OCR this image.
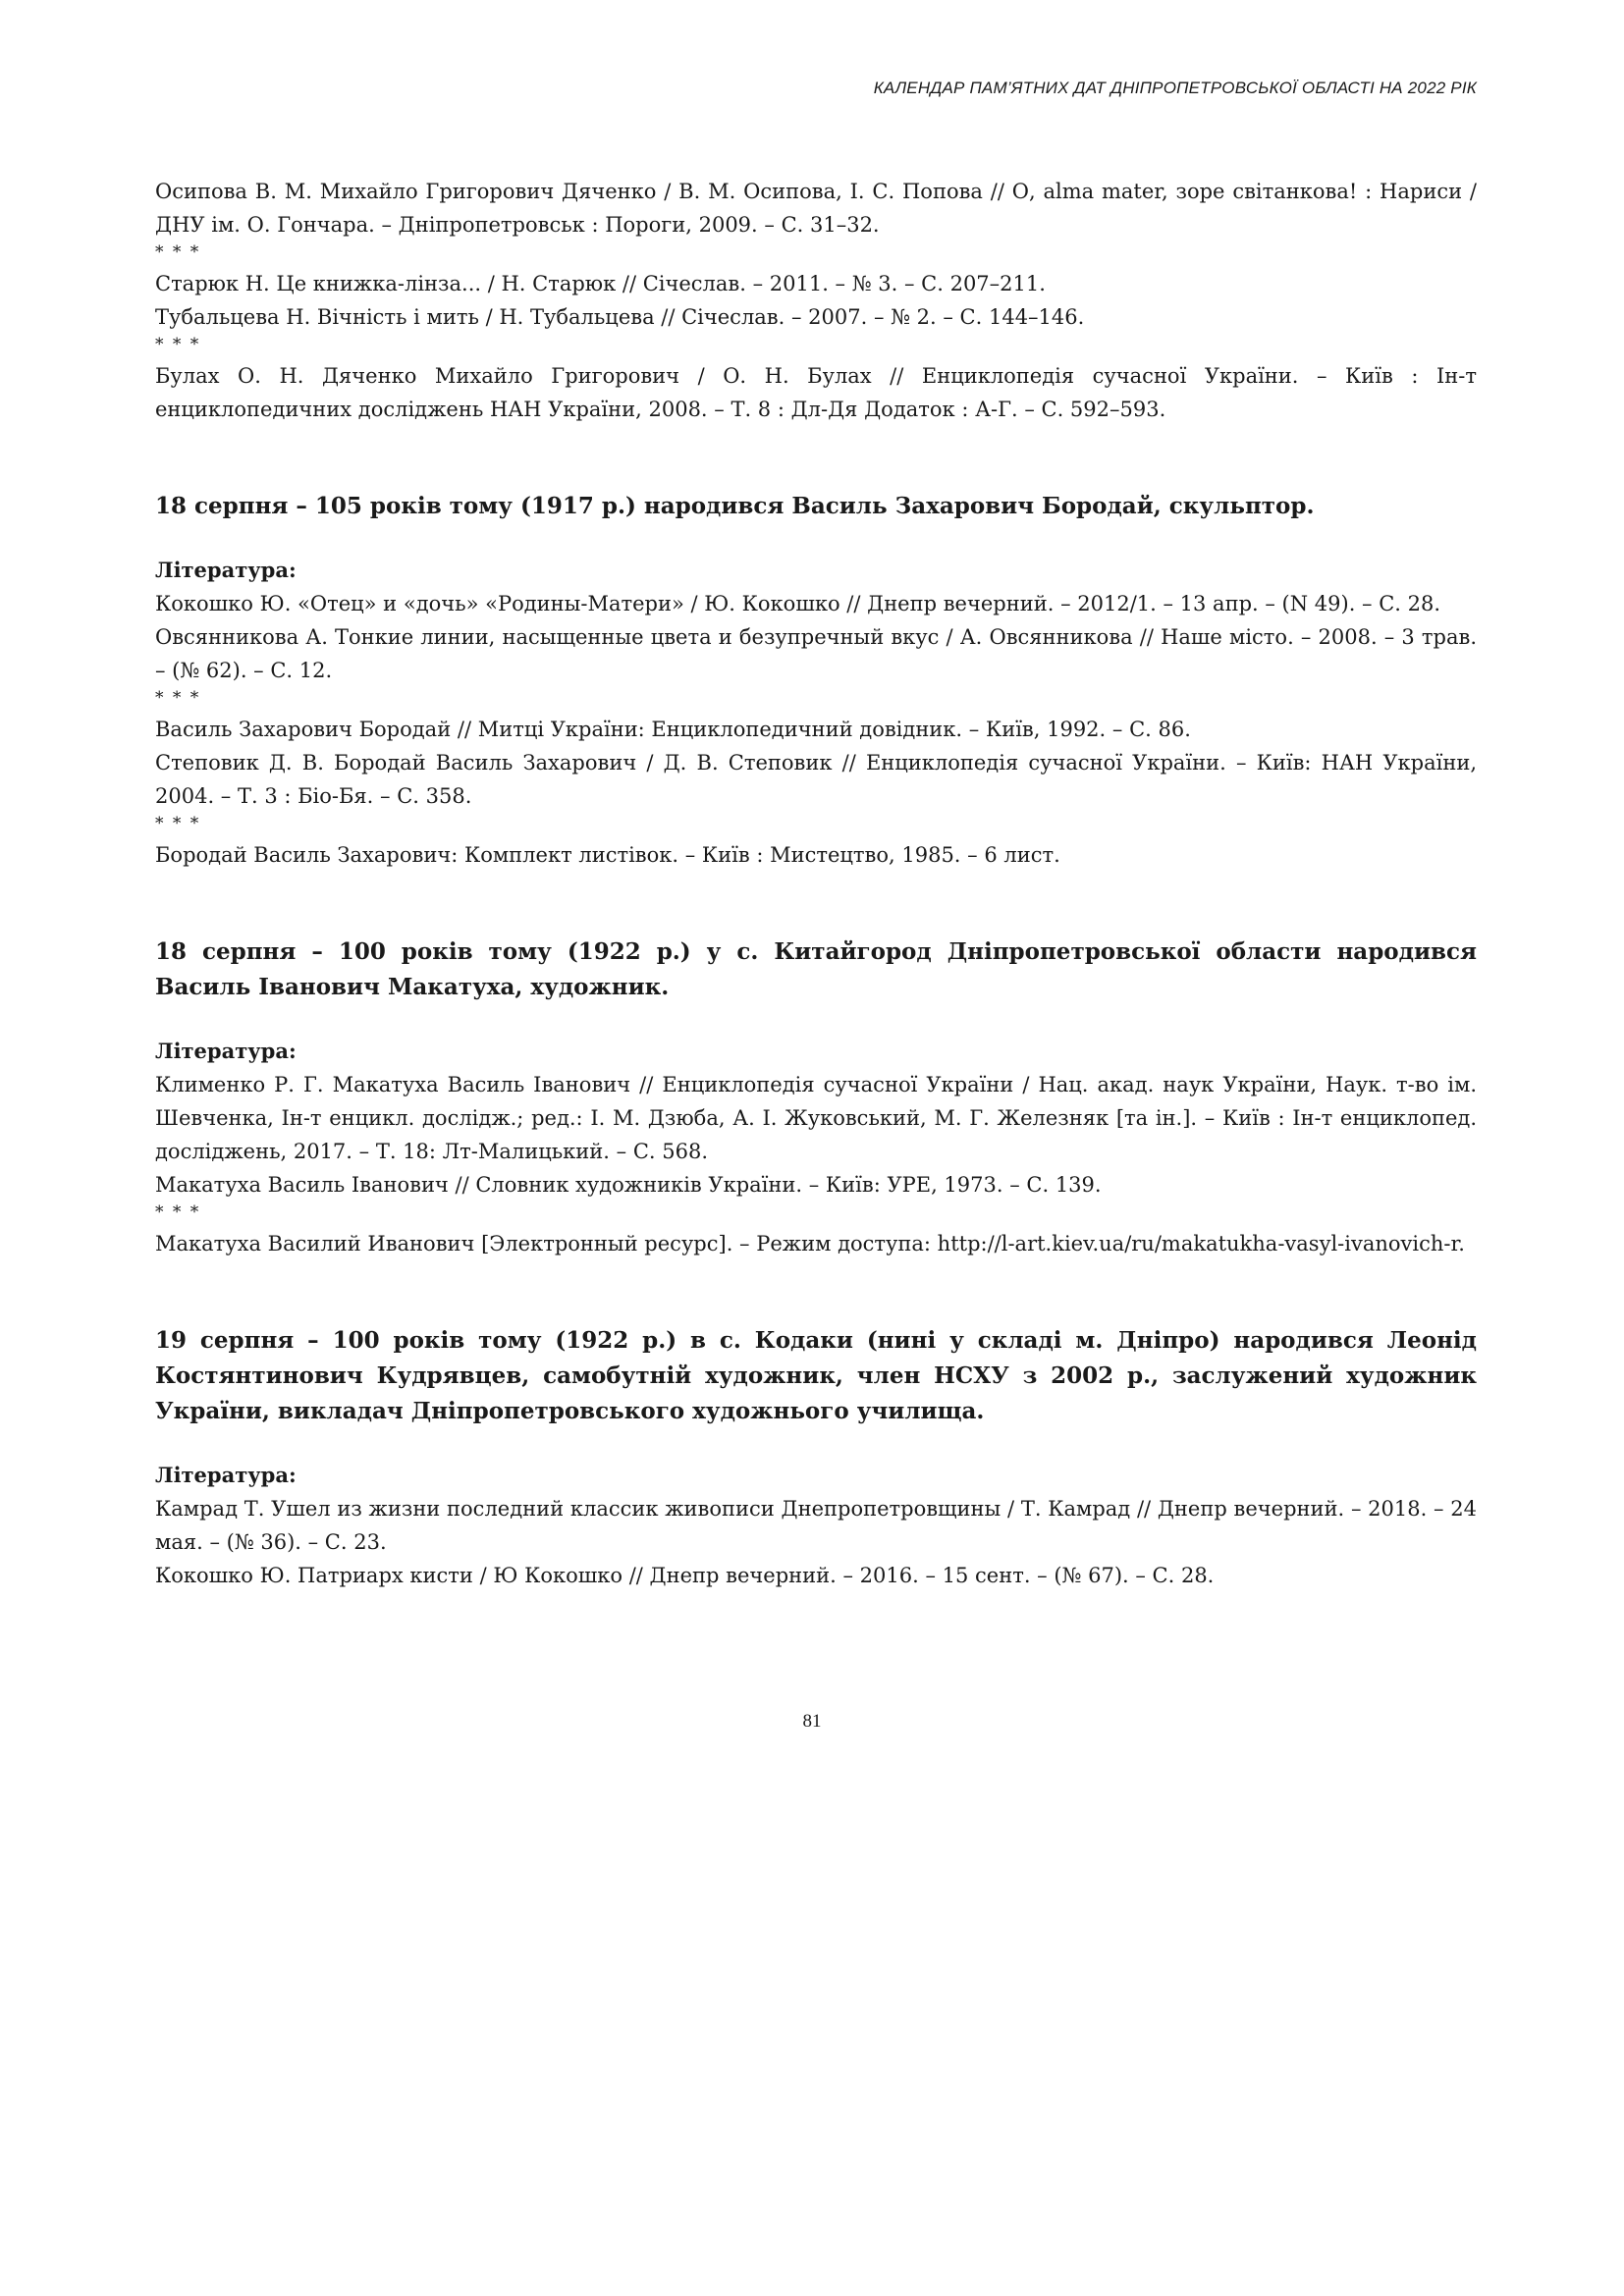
КАЛЕНДАР ПАМ’ЯТНИХ ДАТ ДНІПРОПЕТРОВСЬКОЇ ОБЛАСТІ НА 2022 РІК

Осипова В. М. Михайло Григорович Дяченко / В. М. Осипова, І. С. Попова // О, alma mater, зоре світанкова! : Нариси / ДНУ ім. О. Гончара. – Дніпропетровськ : Пороги, 2009. – С. 31–32.

* * *

Старюк Н. Це книжка-лінза... / Н. Старюк // Січеслав. – 2011. – № 3. – С. 207–211.

Тубальцева Н. Вічність і мить / Н. Тубальцева // Січеслав. – 2007. – № 2. – С. 144–146.

* * *

Булах О. Н. Дяченко Михайло Григорович / О. Н. Булах // Енциклопедія сучасної України. – Київ : Ін-т енциклопедичних досліджень НАН України, 2008. – Т. 8 : Дл-Дя Додаток : А-Г. – С. 592–593.

18 серпня – 105 років тому (1917 р.) народився Василь Захарович Бородай, скульптор.

Література:

Кокошко Ю. «Отец» и «дочь» «Родины-Матери» / Ю. Кокошко // Днепр вечерний. – 2012/1. – 13 апр. – (N 49). – С. 28.

Овсянникова А. Тонкие линии, насыщенные цвета и безупречный вкус / А. Овсянникова // Наше місто. – 2008. – 3 трав. – (№ 62). – С. 12.

* * *

Василь Захарович Бородай // Митці України: Енциклопедичний довідник. – Київ, 1992. – С. 86.

Степовик Д. В. Бородай Василь Захарович / Д. В. Степовик // Енциклопедія сучасної України. – Київ: НАН України, 2004. – Т. 3 : Біо-Бя. – С. 358.

* * *

Бородай Василь Захарович: Комплект листівок. – Київ : Мистецтво, 1985. – 6 лист.

18 серпня – 100 років тому (1922 р.) у с. Китайгород Дніпропетровської области народився Василь Іванович Макатуха, художник.

Література:

Клименко Р. Г. Макатуха Василь Іванович // Енциклопедія сучасної України / Нац. акад. наук України, Наук. т-во ім. Шевченка, Ін-т енцикл. дослідж.; ред.: І. М. Дзюба, А. І. Жуковський, М. Г. Железняк [та ін.]. – Київ : Ін-т енциклопед. досліджень, 2017. – Т. 18: Лт-Малицький. – С. 568.

Макатуха Василь Іванович // Словник художників України. – Київ: УРЕ, 1973. – С. 139.

* * *

Макатуха Василий Иванович [Электронный ресурс]. – Режим доступа: http://l-art.kiev.ua/ru/makatukha-vasyl-ivanovich-r.

19 серпня – 100 років тому (1922 р.) в с. Кодаки (нині у складі м. Дніпро) народився Леонід Костянтинович Кудрявцев, самобутній художник, член НСХУ з 2002 р., заслужений художник України, викладач Дніпропетровського художнього училища.

Література:

Камрад Т. Ушел из жизни последний классик живописи Днепропетровщины / Т. Камрад // Днепр вечерний. – 2018. – 24 мая. – (№ 36). – С. 23.

Кокошко Ю. Патриарх кисти / Ю Кокошко // Днепр вечерний. – 2016. – 15 сент. – (№ 67). – С. 28.

81
